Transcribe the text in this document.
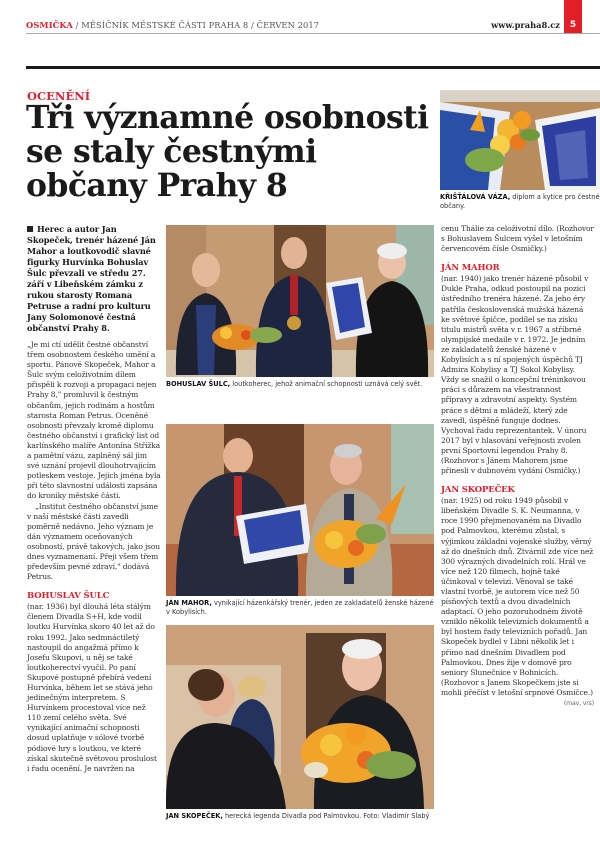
OSMIČKA / MĚSÍČNÍK MĚSTSKÉ ČÁSTI PRAHA 8 / ČERVEN 2017	www.praha8.cz	5
OCENĚNÍ
Tři významné osobnosti se staly čestnými občany Prahy 8	KŘIŠŤÁLOVÁ VÁZA, diplom a kytice pro čestné občany.
Herec a autor Jan Skopeček, trenér házené Ján Mahor a loutkovodič slavné figurky Hurvínka Bohuslav Šulc převzali ve středu 27. září v Libeňském zámku z rukou starosty Romana Petruse a radní pro kulturu Jany Solomonové čestná občanství Prahy 8.

„Je mi ctí udělit čestné občanství třem osobnostem českého umění a sportu. Pánové Skopeček, Mahor a Šulc svým celoživotním dílem přispěli k rozvoji a propagaci nejen Prahy 8," promluvil k čestným občanům, jejich rodinám a hostům starosta Roman Petrus. Oceněné osobnosti převzaly kromě diplomu čestného občanství i grafický list od karlínského malíře Antonína Střížka a pamětní vázu, zaplněný sál jim své uznání projevil dlouhotrvajícím potleskem vestoje. Jejich jména byla při této slavnostní události zapsána do kroniky městské části.

„Institut čestného občanství jsme v naší městské části zavedli poměrně nedávno. Jeho význam je dán významem oceňovaných osobností, právě takových, jako jsou dnes vyznamenaní. Přeji všem třem především pevné zdraví," dodává Petrus.

BOHUSLAV ŠULC
(nar. 1936) byl dlouhá léta stálým členem Divadla S+H, kde vodil loutku Hurvínka skoro 40 let až do roku 1992. Jako sedmnáctiletý nastoupil do angažmá přímo k Josefu Skupovi, u něj se také loutkoherectví vyučil. Po paní Skupové postupně přebírá vedení Hurvínka, během let se stává jeho jedinečným interpretem. S Hurvínkem procestoval více než 110 zemí celého světa. Své vynikající animační schopnosti dosud uplatňuje v sólové tvorbě pódiové hry s loutkou, ve které získal skutečně světovou proslulost i řadu ocenění. Je navržen na
BOHUSLAV ŠULC, loutkoherec, jehož animační schopnosti uznává celý svět.
JÁN MAHOR, vynikající házenkářský trenér, jeden ze zakladatelů ženské házené v Kobylisích.
JAN SKOPEČEK, herecká legenda Divadla pod Palmovkou. Foto: Vladimír Slabý
cenu Thálie za celoživotní dílo. (Rozhovor s Bohuslavem Šulcem vyšel v letošním červencovém čísle Osmičky.)
JÁN MAHOR
(nar. 1940) jako trenér házené působil v Dukle Praha, odkud postoupil na pozici ústředního trenéra házené. Za jeho éry patřila československá mužská házená ke světové špičce, podílel se na zisku titulu mistrů světa v r. 1967 a stříbrné olympijské medaile v r. 1972. Je jedním ze zakladatelů ženské házené v Kobylisích a s ní spojených úspěchů TJ Admira Kobylisy a TJ Sokol Kobylisy. Vždy se snažil o koncepční tréninkovou práci s důrazem na všestrannost přípravy a zdravotní aspekty. Systém práce s dětmi a mládeží, který zde zavedl, úspěšně funguje dodnes. Vychoval řadu reprezentantek. V únoru 2017 byl v hlasování veřejnosti zvolen první Sportovní legendou Prahy 8. (Rozhovor s Jánem Mahorem jsme přinesli v dubnovém vydání Osmičky.)
JAN SKOPEČEK
(nar. 1925) od roku 1949 působil v libeňském Divadle S. K. Neumanna, v roce 1990 přejmenovaném na Divadlo pod Palmovkou, kterému zůstal, s výjimkou základní vojenské služby, věrný až do dnešních dnů. Ztvárnil zde více než 300 výrazných divadelních rolí. Hrál ve více než 120 filmech, hojně také účinkoval v televizi. Věnoval se také vlastní tvorbě, je autorem více než 50 písňových textů a dvou divadelních adaptací. O jeho pozoruhodném životě vzniklo několik televizních dokumentů a byl hostem řady televizních pořadů. Jan Skopeček bydlel v Libni několik let i přímo nad dnešním Divadlem pod Palmovkou. Dnes žije v domově pro seniory Slunečnice v Bohnicích. (Rozhovor s Janem Skopečkem jste si mohli přečíst v letošní srpnové Osmičce.)
(mav, vrs)
